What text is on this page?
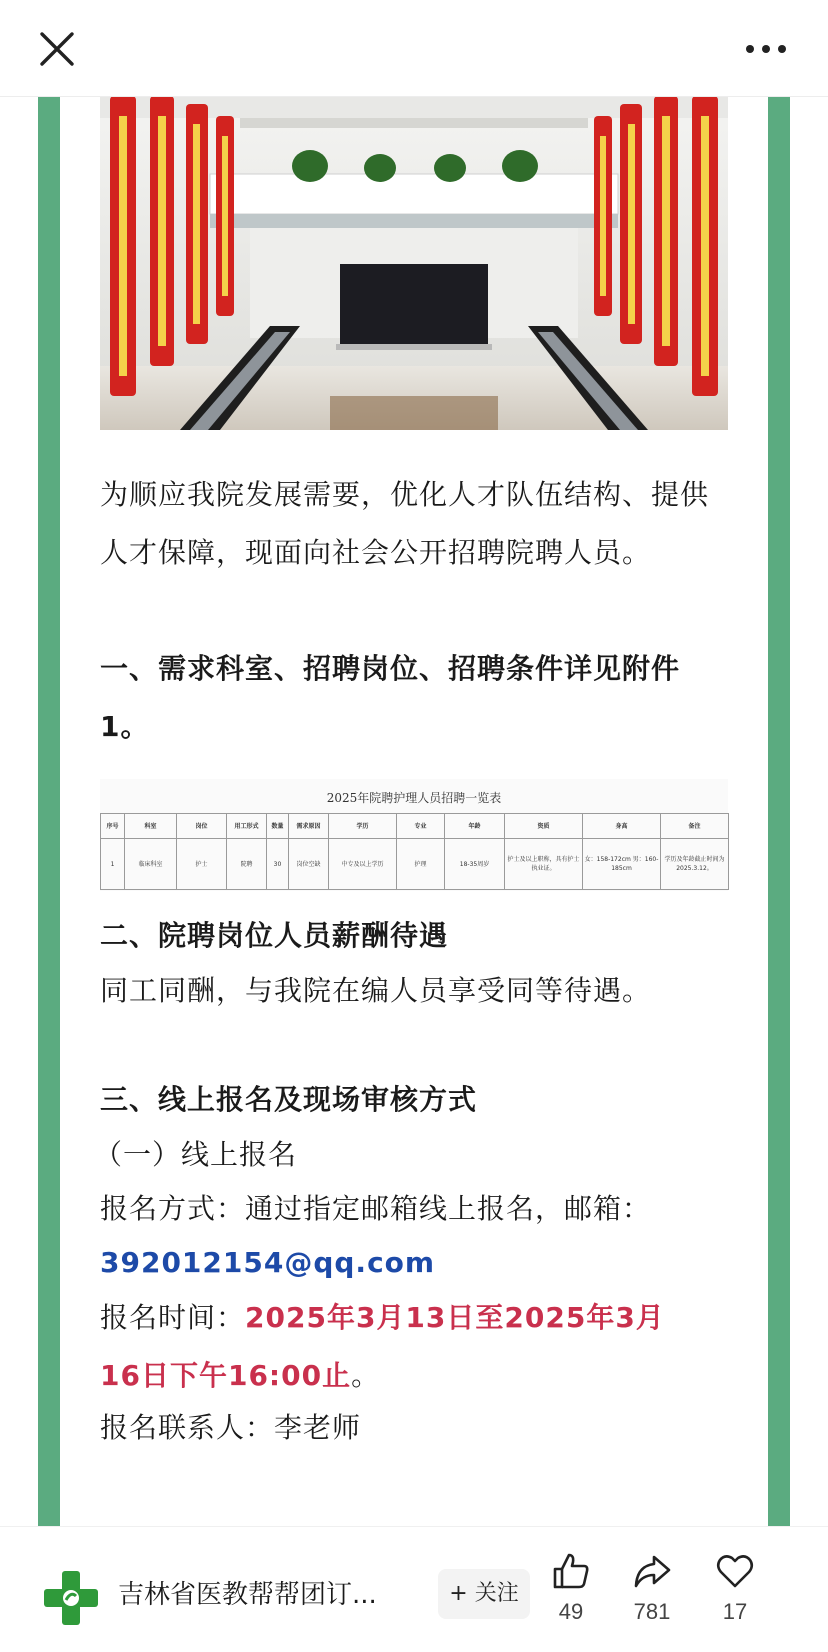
为顺应我院发展需要，优化人才队伍结构、提供人才保障，现面向社会公开招聘院聘人员。
一、需求科室、招聘岗位、招聘条件详见附件1。
2025年院聘护理人员招聘一览表
序号	科室	岗位	用工形式	数量	需求原因	学历	专业	年龄	资质	身高	备注
1	临床科室	护士	院聘	30	岗位空缺	中专及以上学历	护理	18-35周岁	护士及以上职称，具有护士执业证。	女：158-172cm 男：160-185cm	学历及年龄截止时间为2025.3.12。
二、院聘岗位人员薪酬待遇
同工同酬，与我院在编人员享受同等待遇。
三、线上报名及现场审核方式
（一）线上报名
报名方式：通过指定邮箱线上报名，邮箱：
392012154@qq.com
报名时间：2025年3月13日至2025年3月
16日下午16:00止。
报名联系人：李老师
吉林省医教帮帮团订...	+ 关注
49	781	17
